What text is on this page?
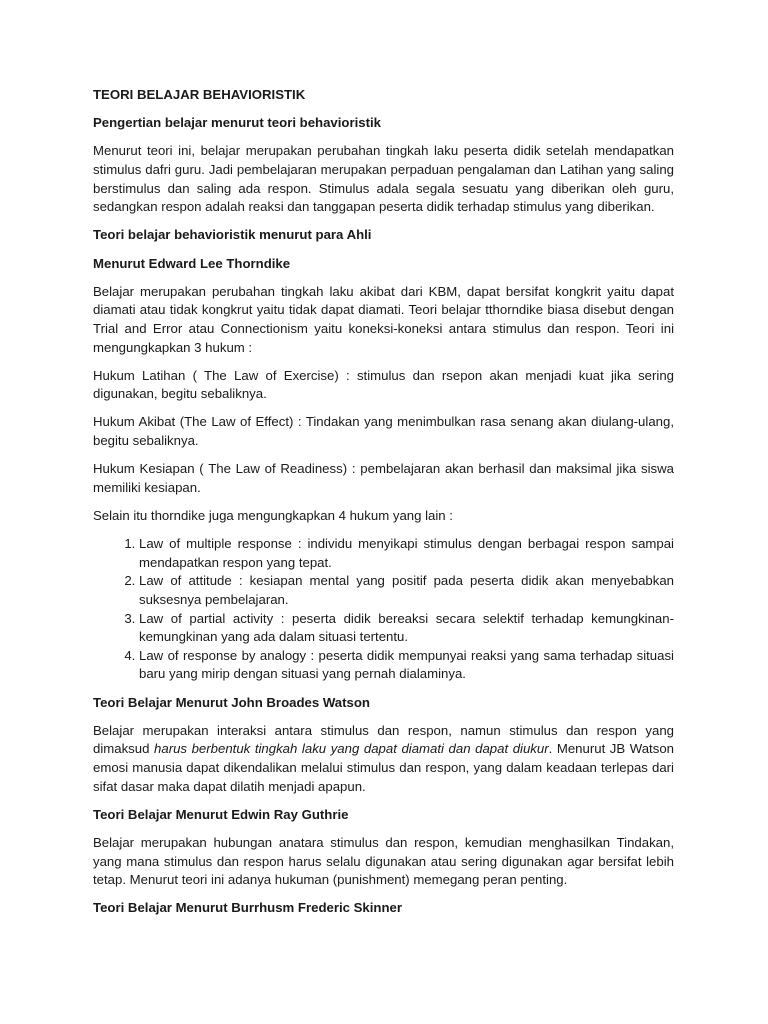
TEORI BELAJAR BEHAVIORISTIK

Pengertian belajar menurut teori behavioristik

Menurut teori ini, belajar merupakan perubahan tingkah laku peserta didik setelah mendapatkan stimulus dafri guru. Jadi pembelajaran merupakan perpaduan pengalaman dan Latihan yang saling berstimulus dan saling ada respon. Stimulus adala segala sesuatu yang diberikan oleh guru, sedangkan respon adalah reaksi dan tanggapan peserta didik terhadap stimulus yang diberikan.

Teori belajar behavioristik menurut para Ahli

Menurut Edward Lee Thorndike

Belajar merupakan perubahan tingkah laku akibat dari KBM, dapat bersifat kongkrit yaitu dapat diamati atau tidak kongkrut yaitu tidak dapat diamati. Teori belajar tthorndike biasa disebut dengan Trial and Error atau Connectionism yaitu koneksi-koneksi antara stimulus dan respon. Teori ini mengungkapkan 3 hukum :

Hukum Latihan ( The Law of Exercise) : stimulus dan rsepon akan menjadi kuat jika sering digunakan, begitu sebaliknya.

Hukum Akibat (The Law of Effect) : Tindakan yang menimbulkan rasa senang akan diulang-ulang, begitu sebaliknya.

Hukum Kesiapan ( The Law of Readiness) : pembelajaran akan berhasil dan maksimal jika siswa memiliki kesiapan.

Selain itu thorndike juga mengungkapkan 4 hukum yang lain :

1. Law of multiple response : individu menyikapi stimulus dengan berbagai respon sampai mendapatkan respon yang tepat.
2. Law of attitude : kesiapan mental yang positif pada peserta didik akan menyebabkan suksesnya pembelajaran.
3. Law of partial activity : peserta didik bereaksi secara selektif terhadap kemungkinan-kemungkinan yang ada dalam situasi tertentu.
4. Law of response by analogy : peserta didik mempunyai reaksi yang sama terhadap situasi baru yang mirip dengan situasi yang pernah dialaminya.

Teori Belajar Menurut John Broades Watson

Belajar merupakan interaksi antara stimulus dan respon, namun stimulus dan respon yang dimaksud harus berbentuk tingkah laku yang dapat diamati dan dapat diukur. Menurut JB Watson emosi manusia dapat dikendalikan melalui stimulus dan respon, yang dalam keadaan terlepas dari sifat dasar maka dapat dilatih menjadi apapun.

Teori Belajar Menurut Edwin Ray Guthrie

Belajar merupakan hubungan anatara stimulus dan respon, kemudian menghasilkan Tindakan, yang mana stimulus dan respon harus selalu digunakan atau sering digunakan agar bersifat lebih tetap. Menurut teori ini adanya hukuman (punishment) memegang peran penting.

Teori Belajar Menurut Burrhusm Frederic Skinner
